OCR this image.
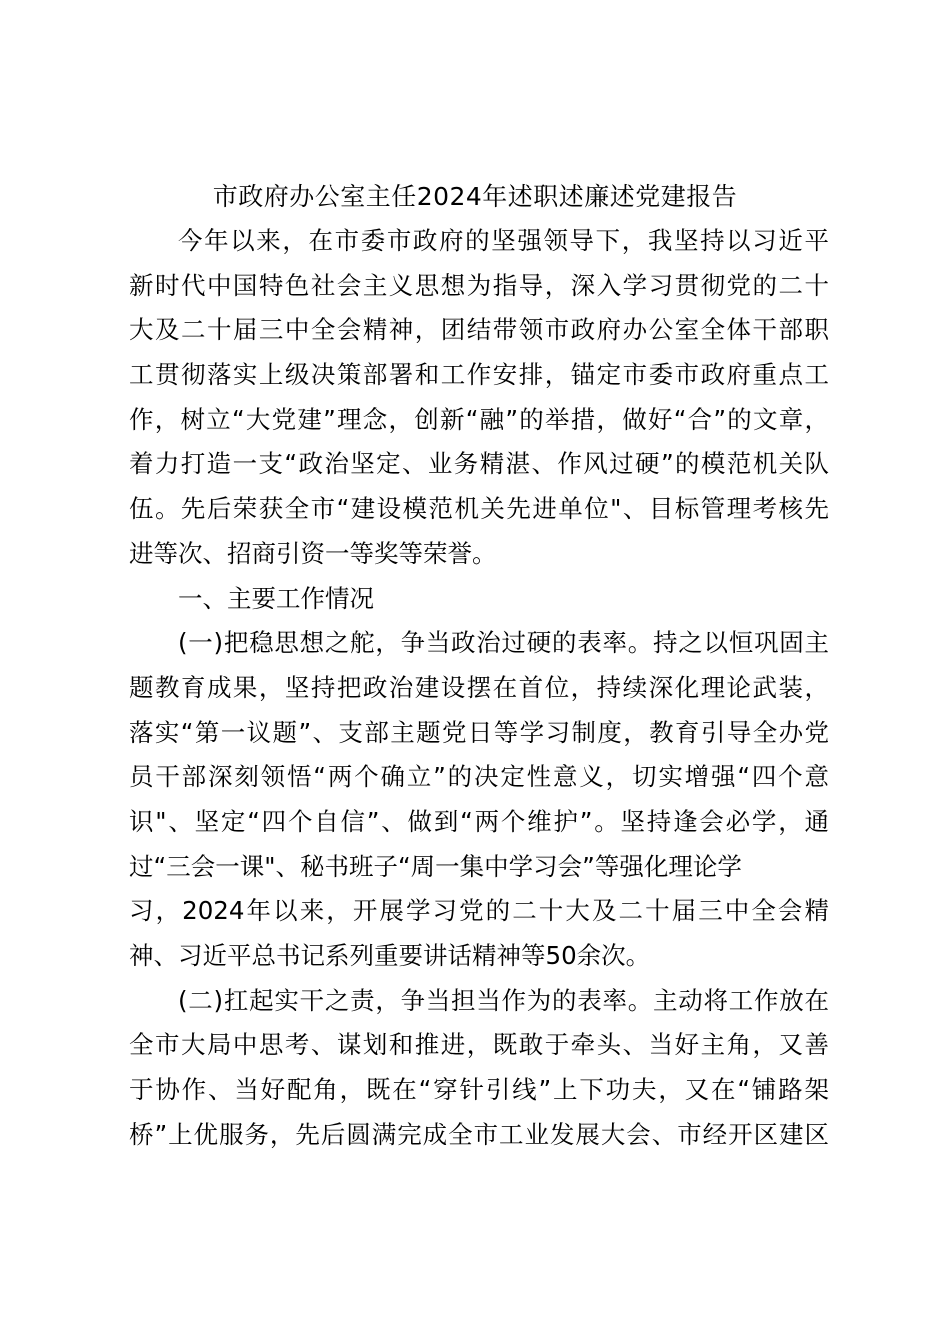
市政府办公室主任2024年述职述廉述党建报告
今年以来，在市委市政府的坚强领导下，我坚持以习近平
新时代中国特色社会主义思想为指导，深入学习贯彻党的二十
大及二十届三中全会精神，团结带领市政府办公室全体干部职
工贯彻落实上级决策部署和工作安排，锚定市委市政府重点工
作，树立“大党建”理念，创新“融”的举措，做好“合”的文章，
着力打造一支“政治坚定、业务精湛、作风过硬”的模范机关队
伍。先后荣获全市“建设模范机关先进单位"、目标管理考核先
进等次、招商引资一等奖等荣誉。
一、主要工作情况
(一)把稳思想之舵，争当政治过硬的表率。持之以恒巩固主
题教育成果，坚持把政治建设摆在首位，持续深化理论武装，
落实“第一议题”、支部主题党日等学习制度，教育引导全办党
员干部深刻领悟“两个确立”的决定性意义，切实增强“四个意
识"、坚定“四个自信”、做到“两个维护”。坚持逢会必学，通
过“三会一课"、秘书班子“周一集中学习会”等强化理论学
习，2024年以来，开展学习党的二十大及二十届三中全会精
神、习近平总书记系列重要讲话精神等50余次。
(二)扛起实干之责，争当担当作为的表率。主动将工作放在
全市大局中思考、谋划和推进，既敢于牵头、当好主角，又善
于协作、当好配角，既在“穿针引线”上下功夫，又在“铺路架
桥”上优服务，先后圆满完成全市工业发展大会、市经开区建区
